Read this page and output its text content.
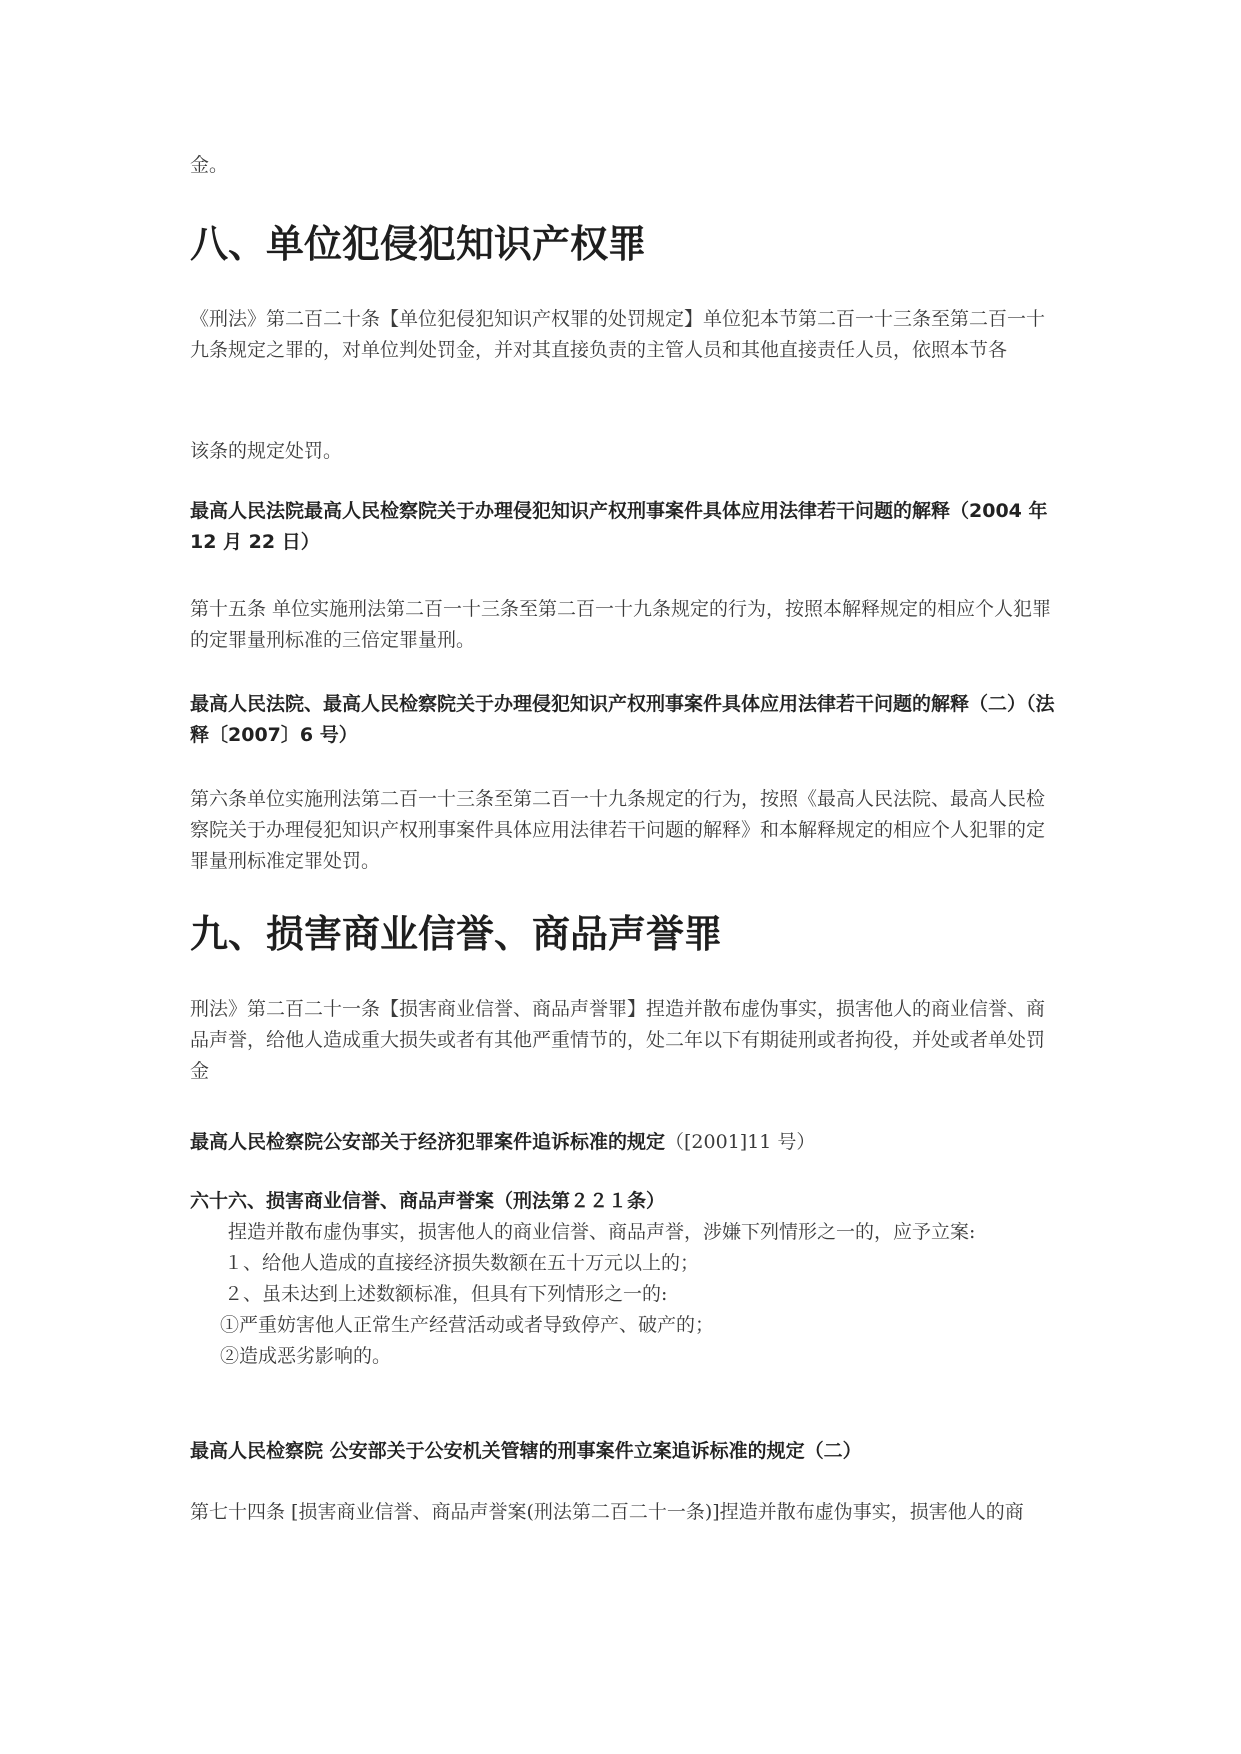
金。

八、单位犯侵犯知识产权罪

《刑法》第二百二十条【单位犯侵犯知识产权罪的处罚规定】单位犯本节第二百一十三条至第二百一十九条规定之罪的，对单位判处罚金，并对其直接负责的主管人员和其他直接责任人员，依照本节各

该条的规定处罚。

最高人民法院最高人民检察院关于办理侵犯知识产权刑事案件具体应用法律若干问题的解释（2004 年 12 月 22 日）

第十五条 单位实施刑法第二百一十三条至第二百一十九条规定的行为，按照本解释规定的相应个人犯罪的定罪量刑标准的三倍定罪量刑。

最高人民法院、最高人民检察院关于办理侵犯知识产权刑事案件具体应用法律若干问题的解释（二）（法释〔2007〕6 号）

第六条单位实施刑法第二百一十三条至第二百一十九条规定的行为，按照《最高人民法院、最高人民检察院关于办理侵犯知识产权刑事案件具体应用法律若干问题的解释》和本解释规定的相应个人犯罪的定罪量刑标准定罪处罚。

九、损害商业信誉、商品声誉罪

刑法》第二百二十一条【损害商业信誉、商品声誉罪】捏造并散布虚伪事实，损害他人的商业信誉、商品声誉，给他人造成重大损失或者有其他严重情节的，处二年以下有期徒刑或者拘役，并处或者单处罚金

最高人民检察院公安部关于经济犯罪案件追诉标准的规定（[2001]11 号）

六十六、损害商业信誉、商品声誉案（刑法第２２１条）

捏造并散布虚伪事实，损害他人的商业信誉、商品声誉，涉嫌下列情形之一的，应予立案:

１、给他人造成的直接经济损失数额在五十万元以上的；
２、虽未达到上述数额标准，但具有下列情形之一的:
①严重妨害他人正常生产经营活动或者导致停产、破产的；
②造成恶劣影响的。

最高人民检察院 公安部关于公安机关管辖的刑事案件立案追诉标准的规定（二）

第七十四条 [损害商业信誉、商品声誉案(刑法第二百二十一条)]捏造并散布虚伪事实，损害他人的商
